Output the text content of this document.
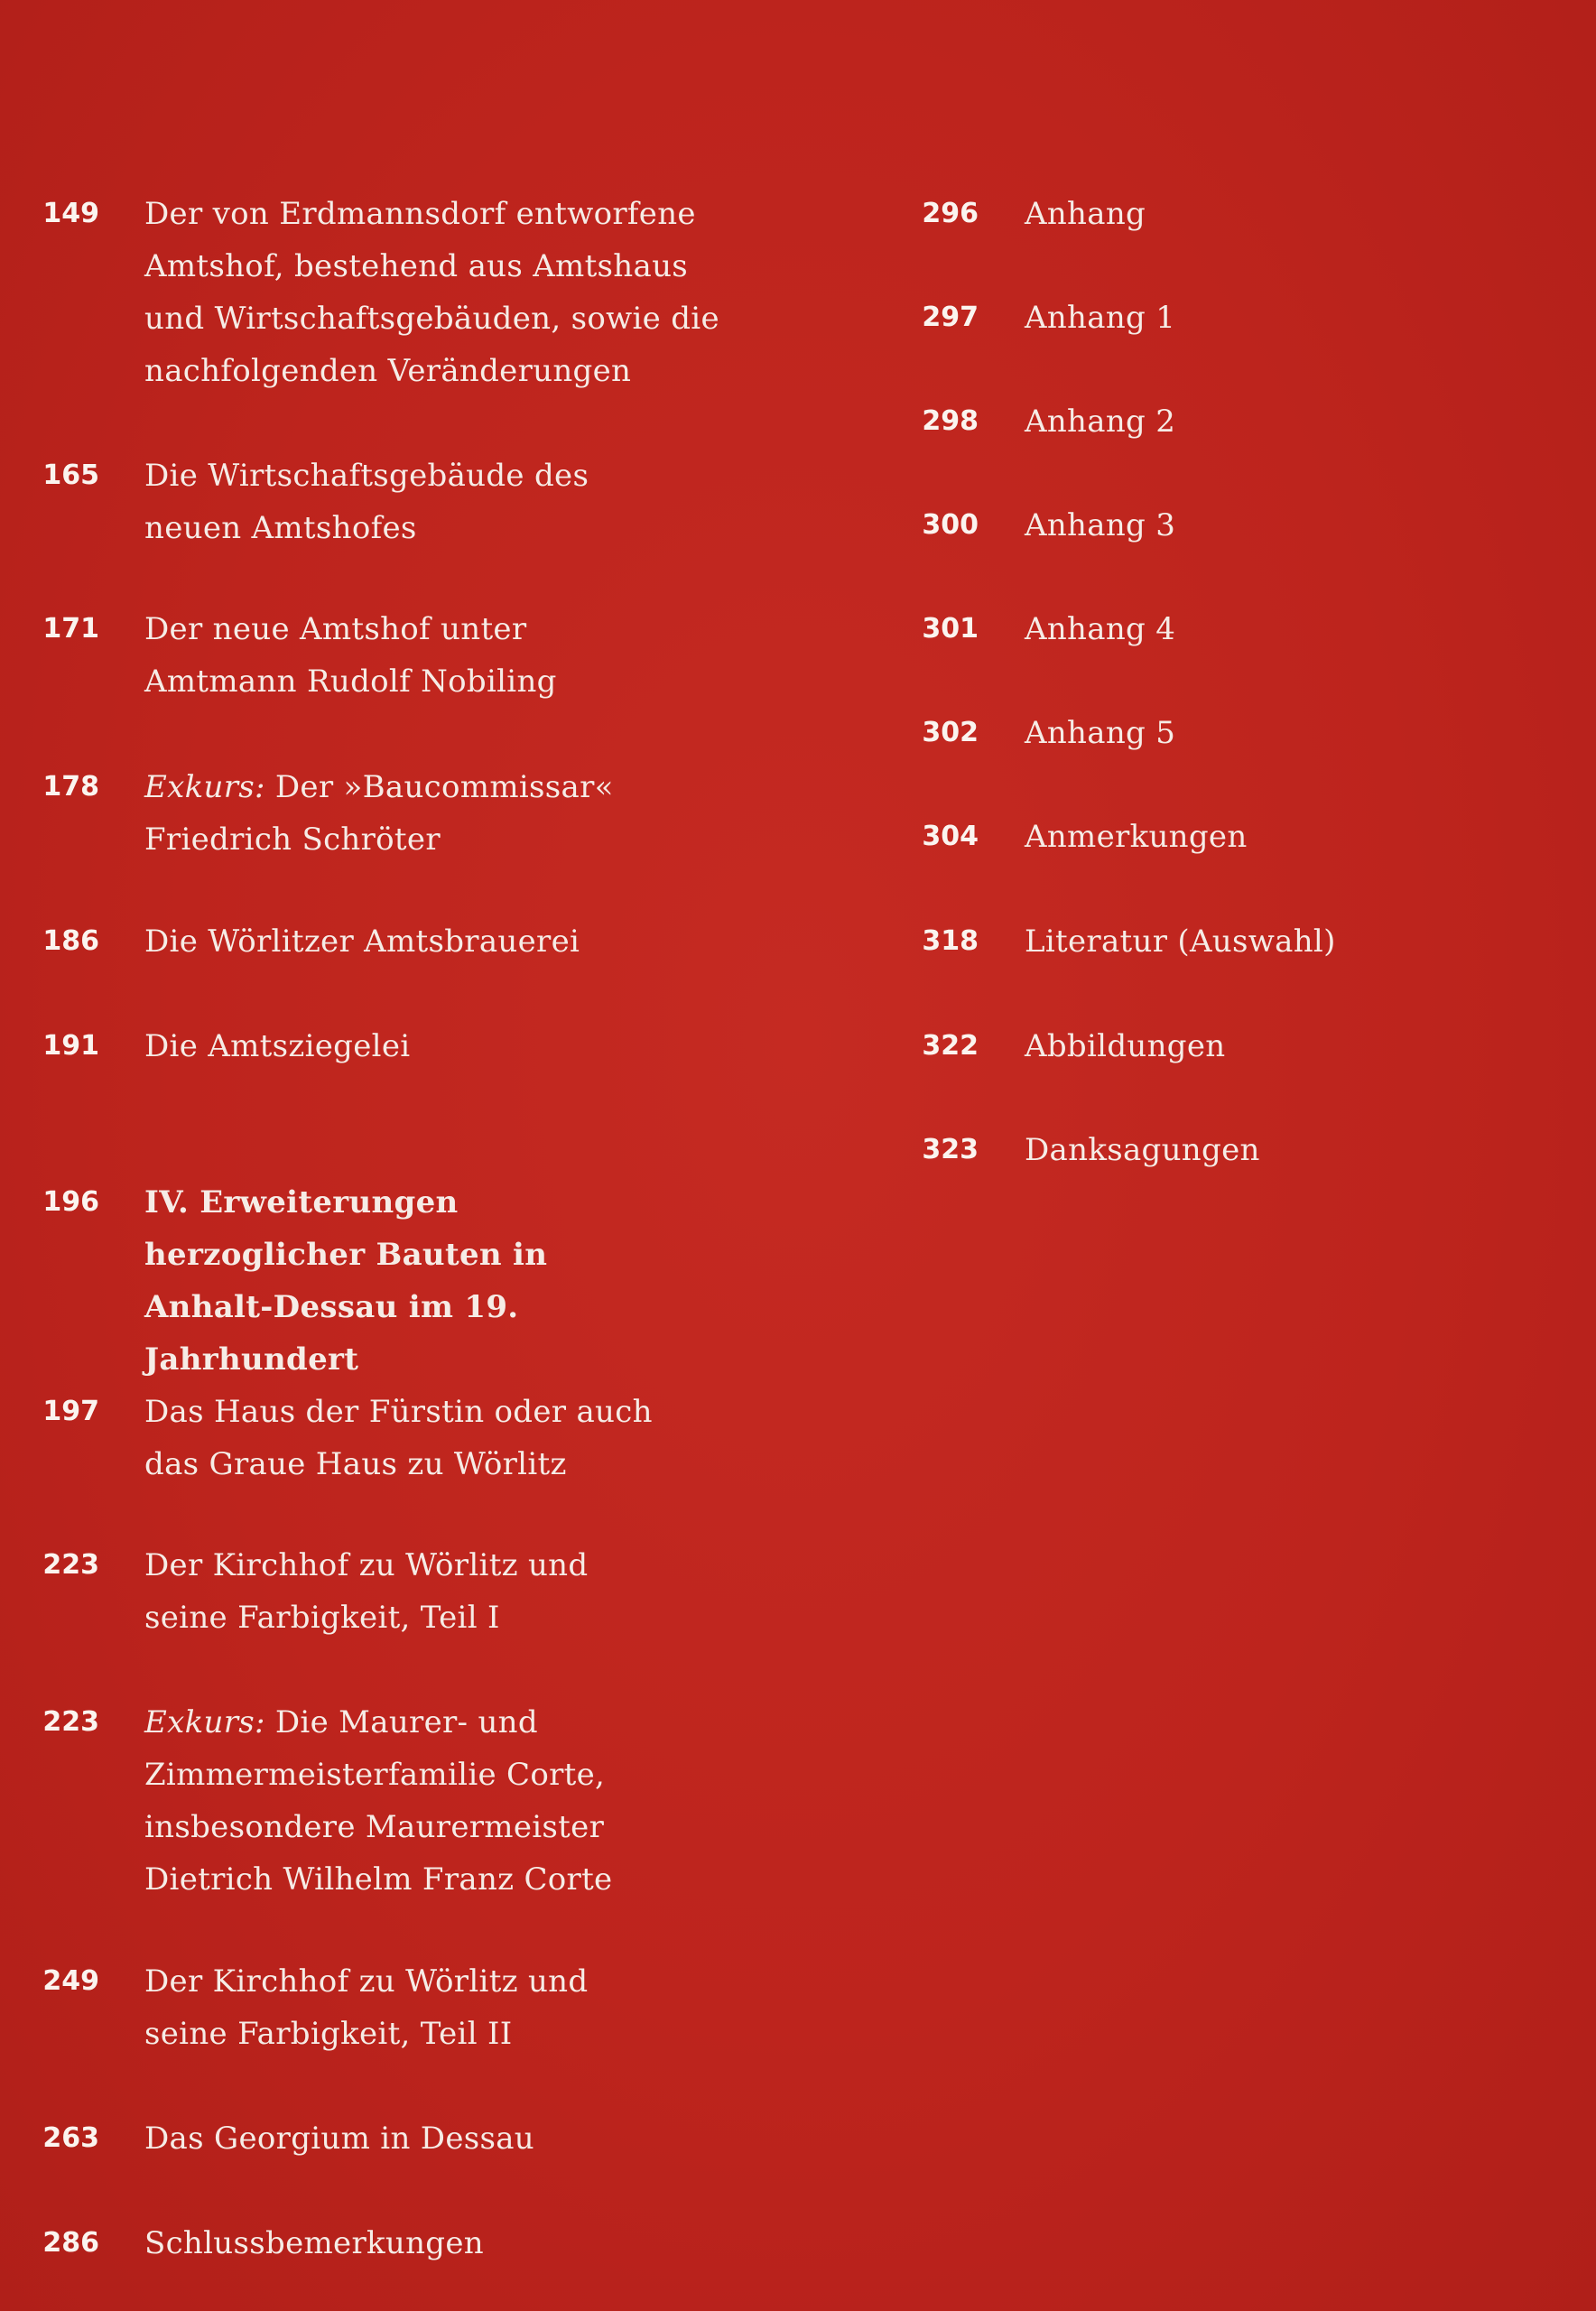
149 Der von Erdmannsdorf entworfene Amtshof, bestehend aus Amtshaus und Wirtschaftsgebäuden, sowie die nachfolgenden Veränderungen
165 Die Wirtschaftsgebäude des neuen Amtshofes
171 Der neue Amtshof unter Amtmann Rudolf Nobiling
178 Exkurs: Der »Baucommissar« Friedrich Schröter
186 Die Wörlitzer Amtsbrauerei
191 Die Amtsziegelei
196 IV. Erweiterungen herzoglicher Bauten in Anhalt-Dessau im 19. Jahrhundert
197 Das Haus der Fürstin oder auch das Graue Haus zu Wörlitz
223 Der Kirchhof zu Wörlitz und seine Farbigkeit, Teil I
223 Exkurs: Die Maurer- und Zimmermeisterfamilie Corte, insbesondere Maurermeister Dietrich Wilhelm Franz Corte
249 Der Kirchhof zu Wörlitz und seine Farbigkeit, Teil II
263 Das Georgium in Dessau
286 Schlussbemerkungen
296 Anhang
297 Anhang 1
298 Anhang 2
300 Anhang 3
301 Anhang 4
302 Anhang 5
304 Anmerkungen
318 Literatur (Auswahl)
322 Abbildungen
323 Danksagungen
